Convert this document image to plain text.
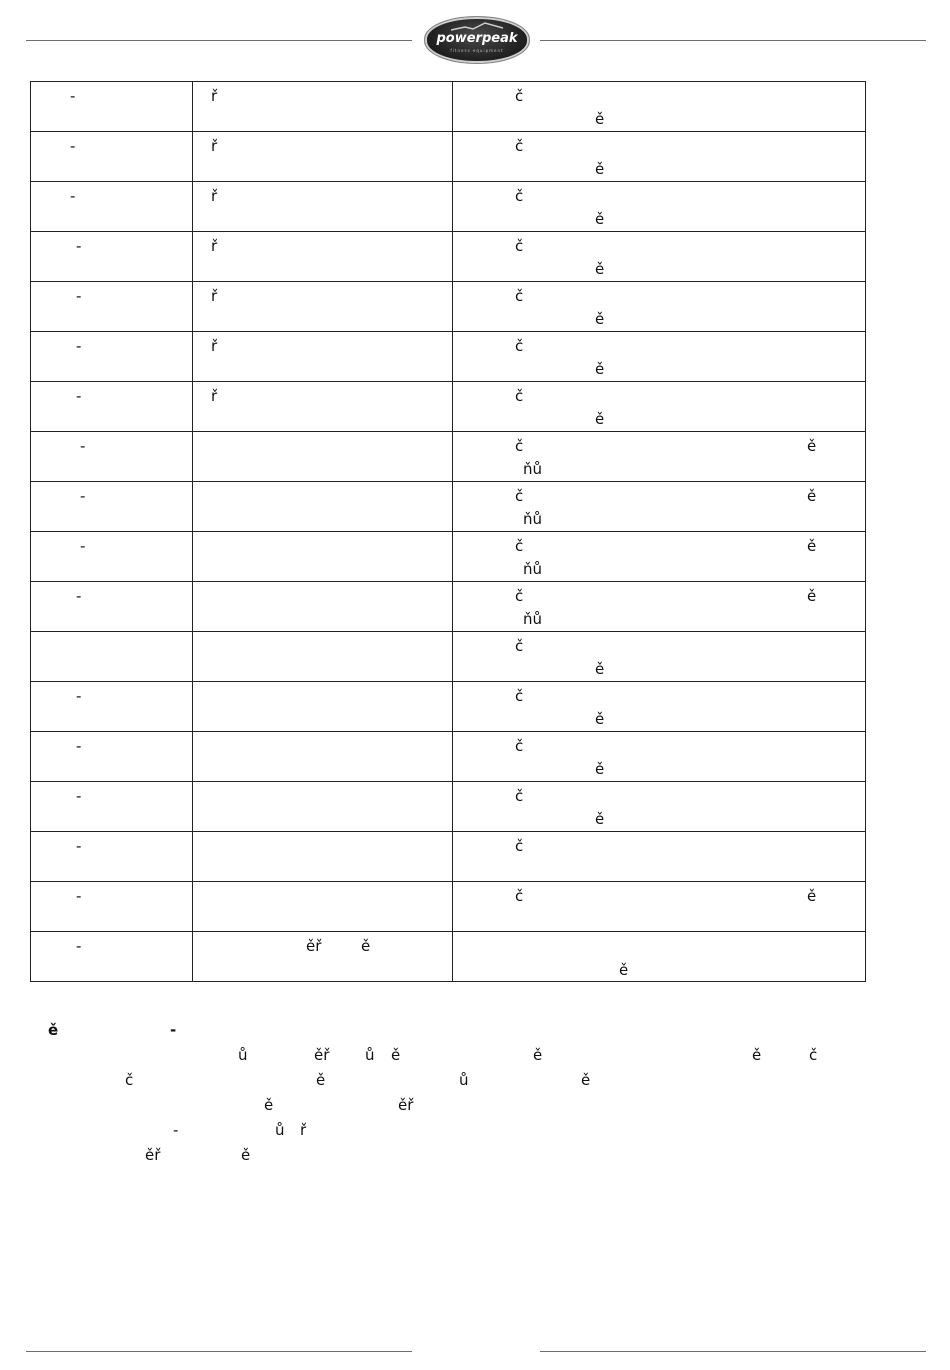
powerpeak
fitness equipment
-	ř	č
ě

-	ř	č
ě

-	ř	č
ě

-	ř	č
ě

-	ř	č
ě

-	ř	č
ě

-	ř	č
ě

-		č ě
ňů

-		č ě
ňů

-		č ě
ňů

-		č ě
ňů

		č
ě

-		č
ě

-		č
ě

-		č
ě

-		č

-		č ě

-	ěř ě	ě
ě	-
ů	ěř ů ě	ě	ě	č
č	ě	ů	ě
ě	ěř
-	ů ř
ěř	ě
